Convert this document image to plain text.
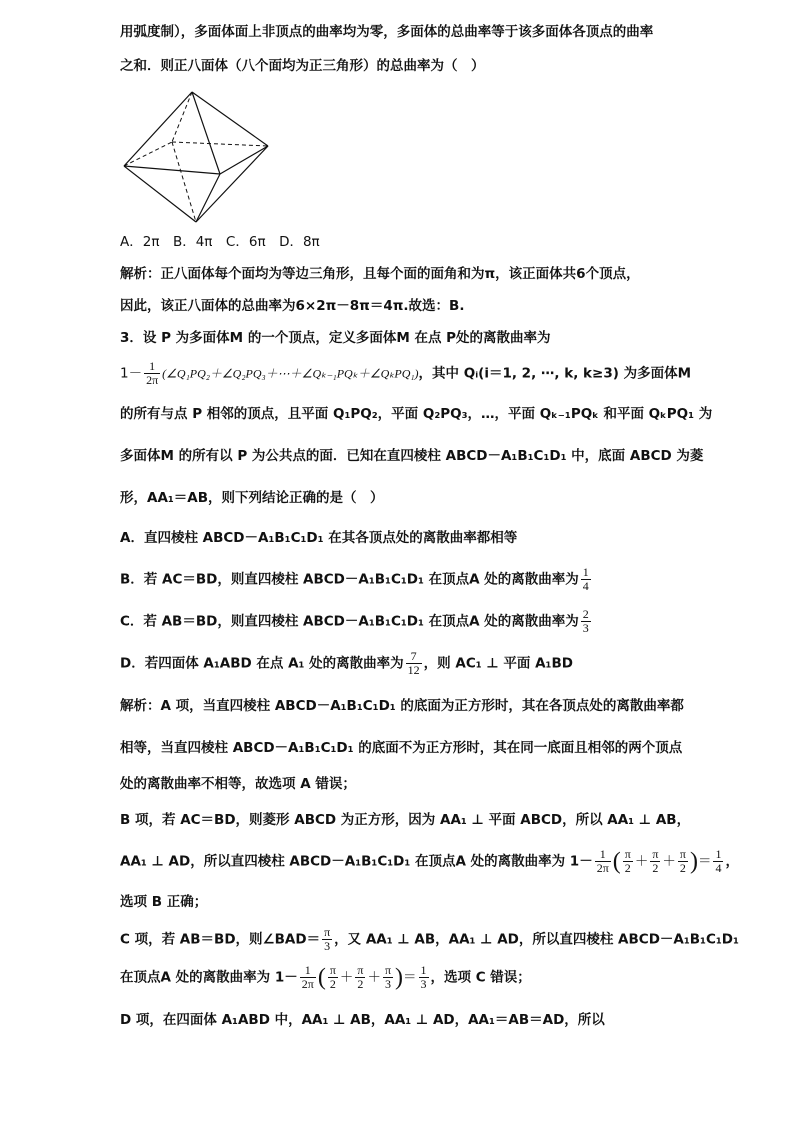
用弧度制），多面体面上非顶点的曲率均为零，多面体的总曲率等于该多面体各顶点的曲率
之和．则正八面体（八个面均为正三角形）的总曲率为（　）
A．2π　B．4π　C．6π　D．8π
解析：正八面体每个面均为等边三角形，且每个面的面角和为π，该正面体共6个顶点，
因此，该正八面体的总曲率为6×2π－8π＝4π.故选：B.
3．设 P 为多面体M 的一个顶点，定义多面体M 在点 P处的离散曲率为
$1- \frac{1}{2\pi}$ (∠Q₁PQ₂＋∠Q₂PQ₃＋⋯＋∠Qₖ₋₁PQₖ＋∠QₖPQ₁)，其中 Qᵢ(i＝1, 2, ⋯, k, k≥3) 为多面体M
的所有与点 P 相邻的顶点，且平面 Q₁PQ₂，平面 Q₂PQ₃，…，平面 Qₖ₋₁PQₖ 和平面 QₖPQ₁ 为
多面体M 的所有以 P 为公共点的面．已知在直四棱柱 ABCD－A₁B₁C₁D₁ 中，底面 ABCD 为菱
形，AA₁＝AB，则下列结论正确的是（　）
A．直四棱柱 ABCD－A₁B₁C₁D₁ 在其各顶点处的离散曲率都相等
B．若 AC＝BD，则直四棱柱 ABCD－A₁B₁C₁D₁ 在顶点A 处的离散曲率为 $\frac{1}{4}$
C．若 AB＝BD，则直四棱柱 ABCD－A₁B₁C₁D₁ 在顶点A 处的离散曲率为 $\frac{2}{3}$
D．若四面体 A₁ABD 在点 A₁ 处的离散曲率为 $\frac{7}{12}$ ，则 AC₁ ⊥ 平面 A₁BD
解析：A 项，当直四棱柱 ABCD－A₁B₁C₁D₁ 的底面为正方形时，其在各顶点处的离散曲率都
相等，当直四棱柱 ABCD－A₁B₁C₁D₁ 的底面不为正方形时，其在同一底面且相邻的两个顶点
处的离散曲率不相等，故选项 A 错误；
B 项，若 AC＝BD，则菱形 ABCD 为正方形，因为 AA₁ ⊥ 平面 ABCD，所以 AA₁ ⊥ AB，
AA₁ ⊥ AD，所以直四棱柱 ABCD－A₁B₁C₁D₁ 在顶点A 处的离散曲率为 $1- \frac{1}{2\pi}$ ( $\frac{\pi}{2} + \frac{\pi}{2} + \frac{\pi}{2}$ )＝ $\frac{1}{4}$ ，
选项 B 正确；
C 项，若 AB＝BD，则∠BAD＝ $\frac{\pi}{3}$ ，又 AA₁ ⊥ AB，AA₁ ⊥ AD，所以直四棱柱 ABCD－A₁B₁C₁D₁
在顶点A 处的离散曲率为 $1- \frac{1}{2\pi}$ ( $\frac{\pi}{2} + \frac{\pi}{2} + \frac{\pi}{3}$ )＝ $\frac{1}{3}$ ，选项 C 错误；
D 项，在四面体 A₁ABD 中，AA₁ ⊥ AB，AA₁ ⊥ AD，AA₁＝AB＝AD，所以
